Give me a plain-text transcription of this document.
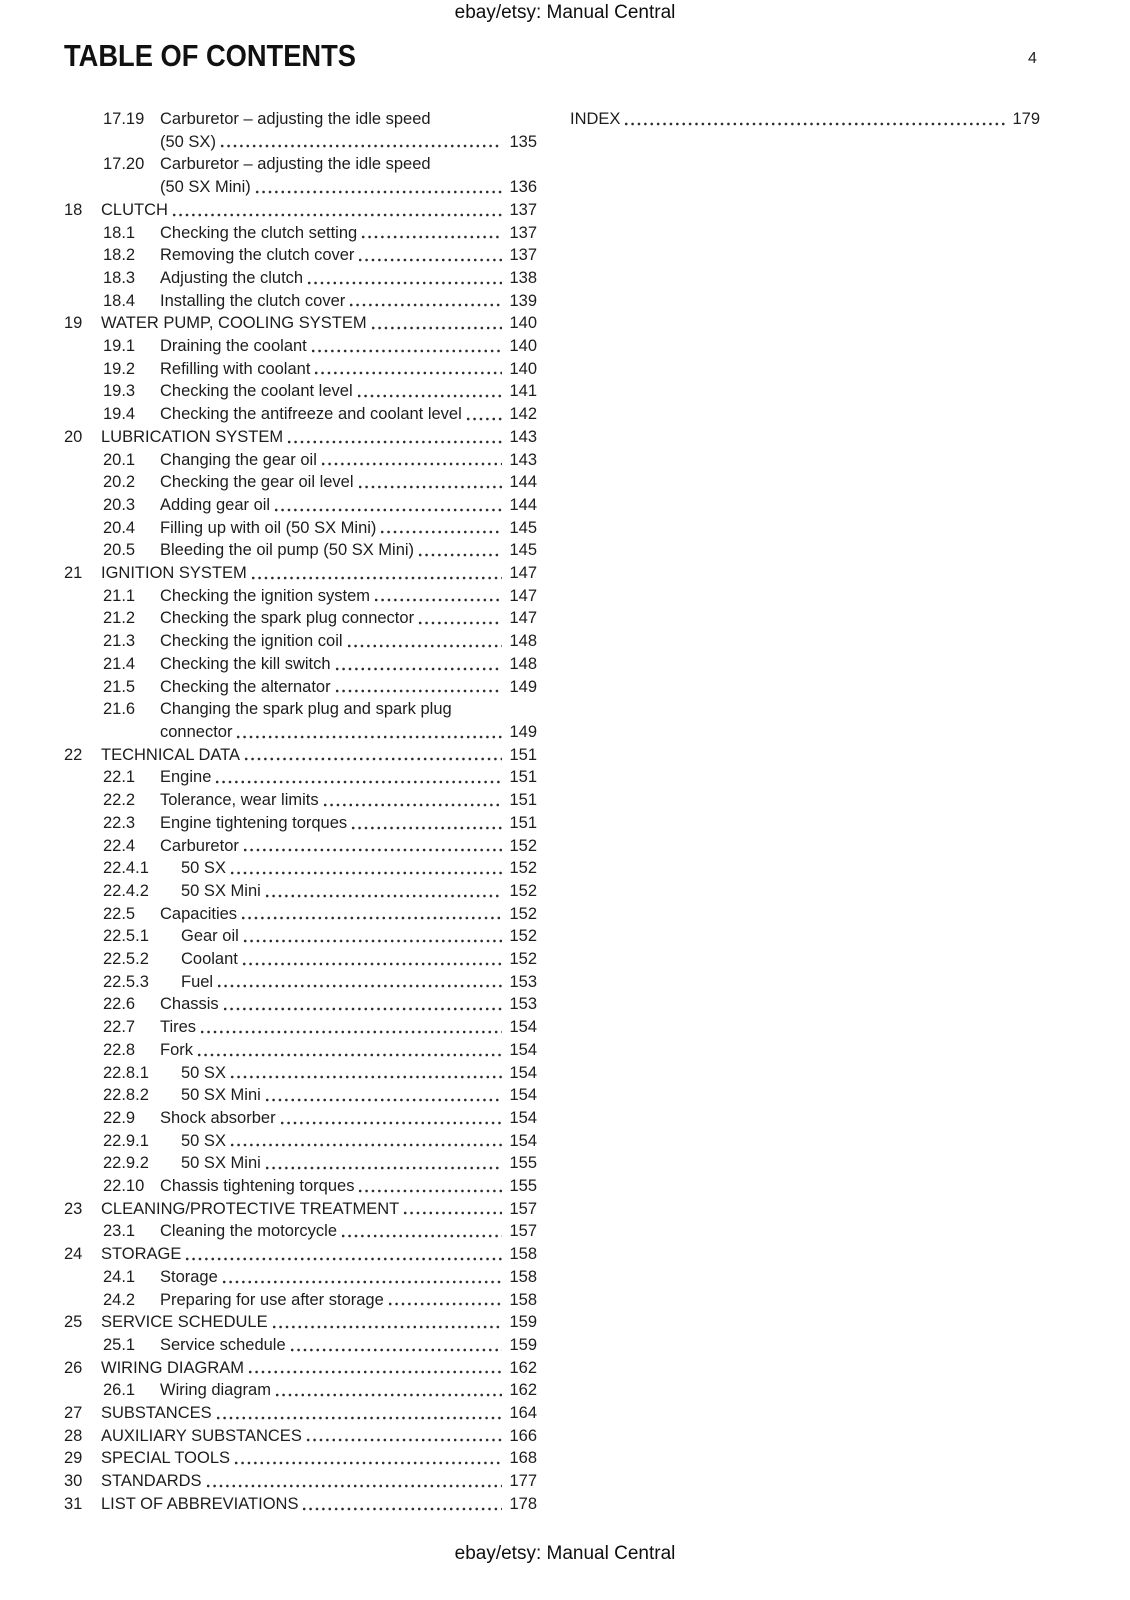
ebay/etsy: Manual Central
TABLE OF CONTENTS	4
17.19 Carburetor – adjusting the idle speed
(50 SX)	135
17.20 Carburetor – adjusting the idle speed
(50 SX Mini)	136
18	CLUTCH	137
18.1	Checking the clutch setting	137
18.2	Removing the clutch cover	137
18.3	Adjusting the clutch	138
18.4	Installing the clutch cover	139
19	WATER PUMP, COOLING SYSTEM	140
19.1	Draining the coolant	140
19.2	Refilling with coolant	140
19.3	Checking the coolant level	141
19.4	Checking the antifreeze and coolant level	142
20	LUBRICATION SYSTEM	143
20.1	Changing the gear oil	143
20.2	Checking the gear oil level	144
20.3	Adding gear oil	144
20.4	Filling up with oil (50 SX Mini)	145
20.5	Bleeding the oil pump (50 SX Mini)	145
21	IGNITION SYSTEM	147
21.1	Checking the ignition system	147
21.2	Checking the spark plug connector	147
21.3	Checking the ignition coil	148
21.4	Checking the kill switch	148
21.5	Checking the alternator	149
21.6	Changing the spark plug and spark plug
connector	149
22	TECHNICAL DATA	151
22.1	Engine	151
22.2	Tolerance, wear limits	151
22.3	Engine tightening torques	151
22.4	Carburetor	152
22.4.1	50 SX	152
22.4.2	50 SX Mini	152
22.5	Capacities	152
22.5.1	Gear oil	152
22.5.2	Coolant	152
22.5.3	Fuel	153
22.6	Chassis	153
22.7	Tires	154
22.8	Fork	154
22.8.1	50 SX	154
22.8.2	50 SX Mini	154
22.9	Shock absorber	154
22.9.1	50 SX	154
22.9.2	50 SX Mini	155
22.10 Chassis tightening torques	155
23	CLEANING/PROTECTIVE TREATMENT	157
23.1	Cleaning the motorcycle	157
24	STORAGE	158
24.1	Storage	158
24.2	Preparing for use after storage	158
25	SERVICE SCHEDULE	159
25.1	Service schedule	159
26	WIRING DIAGRAM	162
26.1	Wiring diagram	162
27	SUBSTANCES	164
28	AUXILIARY SUBSTANCES	166
29	SPECIAL TOOLS	168
30	STANDARDS	177
31	LIST OF ABBREVIATIONS	178
INDEX	179
ebay/etsy: Manual Central
